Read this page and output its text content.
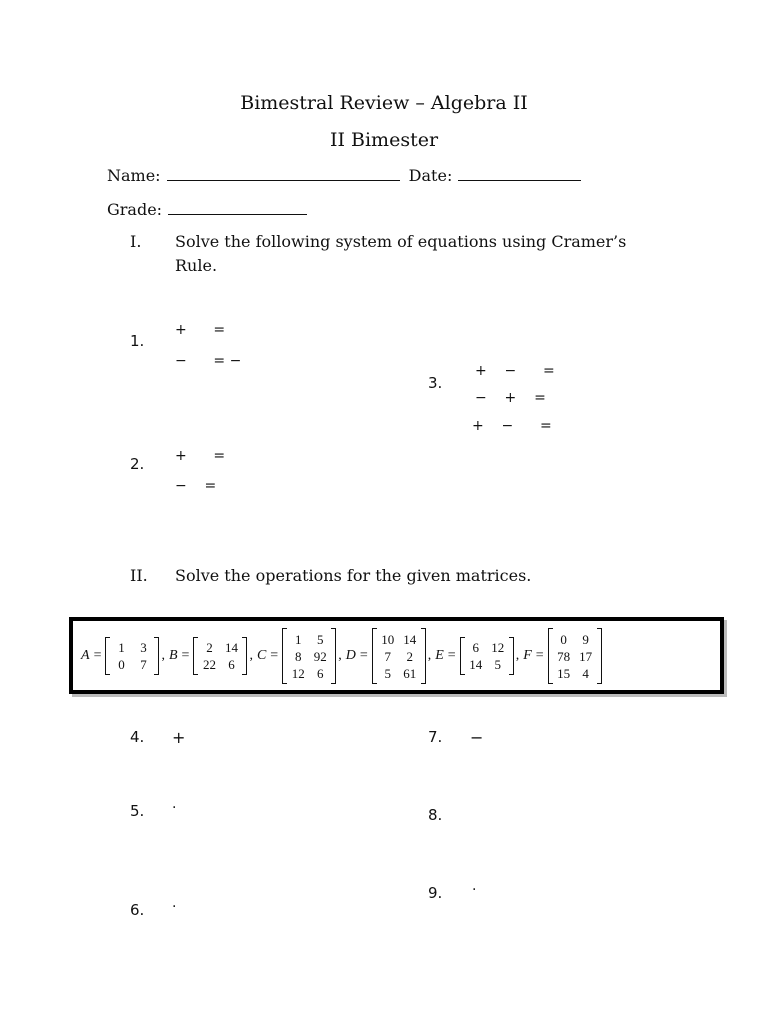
Bimestral Review – Algebra II
II Bimester
Name:	Date:
Grade:
I. Solve the following system of equations using Cramer’s
Rule.
1.
+      =
−      = −
3.
+    −      =
−    +    =
+    −      =
2. +      =
−    =
II. Solve the operations for the given matrices.
A =
1	3
0	7
, B =
2 14
22 6
, C =
1	5
8 92
12 6
, D =
10 14
7	2
5 61
, E =
6 12
14 5
, F =
0	9
78 17
15 4
4. +	7. −
5. ·	8.
9. ·
6. ·
